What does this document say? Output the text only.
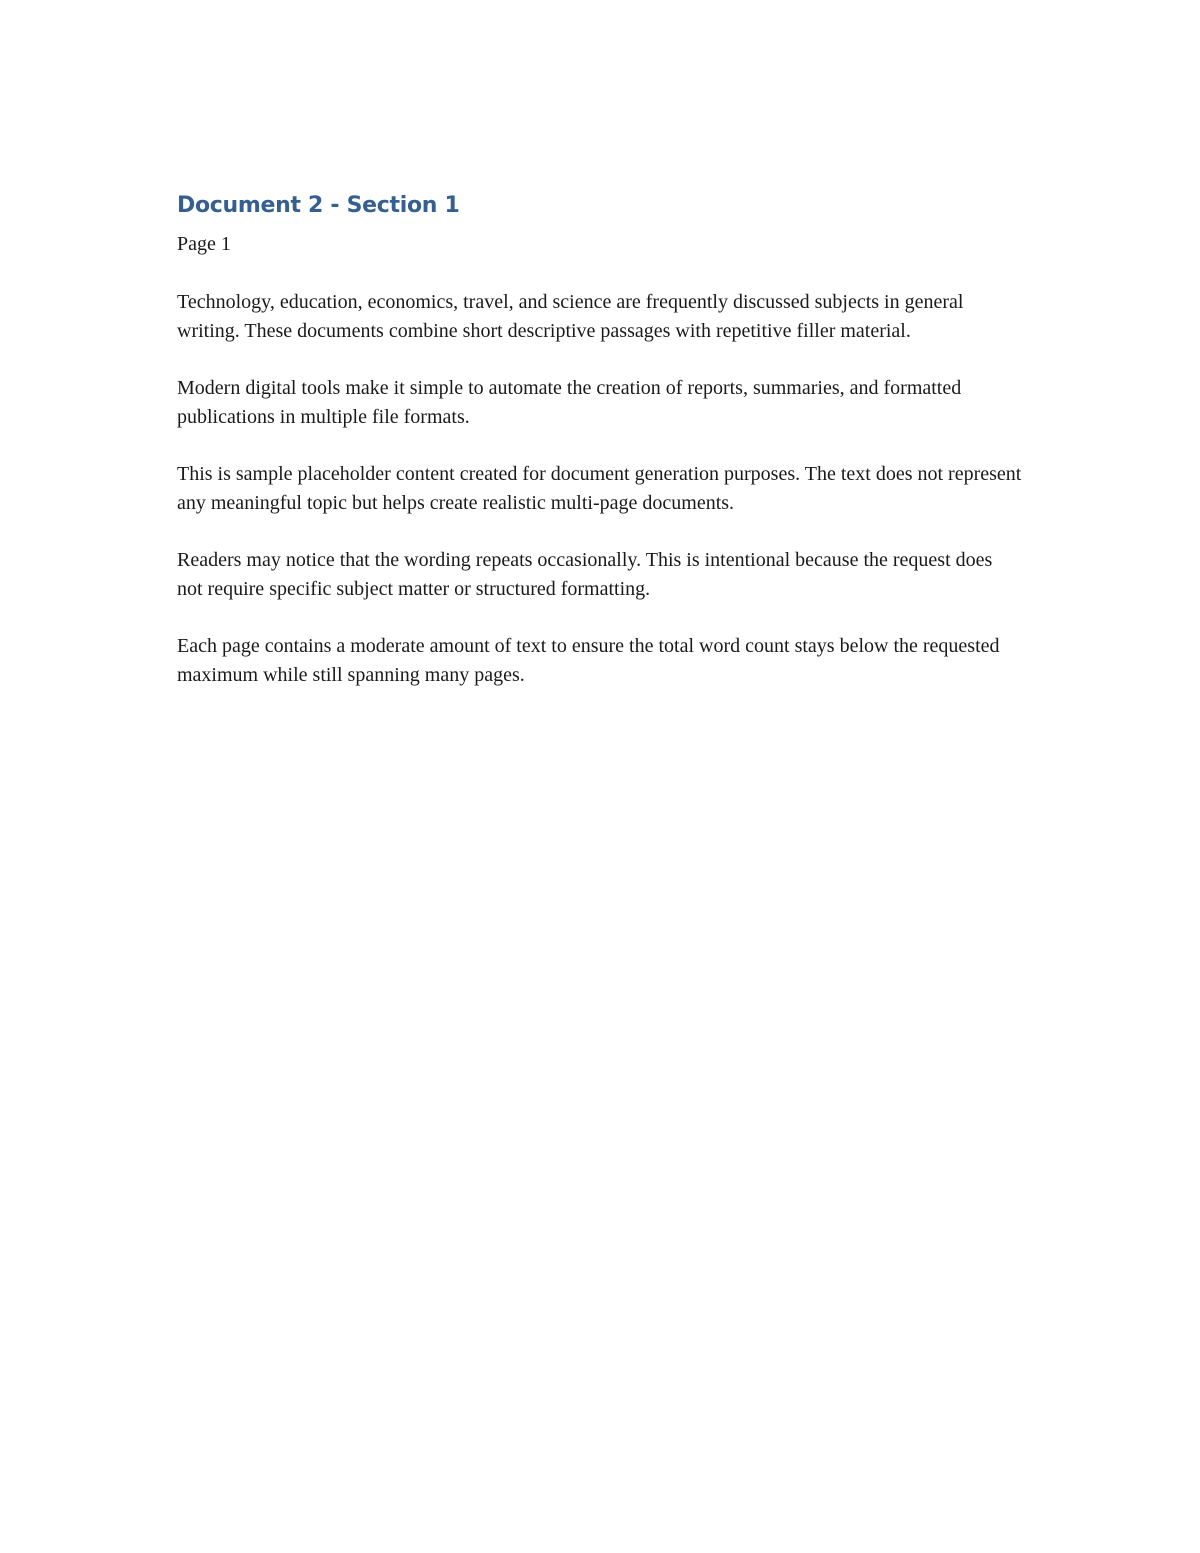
Document 2 - Section 1

Page 1

Technology, education, economics, travel, and science are frequently discussed subjects in general writing. These documents combine short descriptive passages with repetitive filler material.

Modern digital tools make it simple to automate the creation of reports, summaries, and formatted publications in multiple file formats.

This is sample placeholder content created for document generation purposes. The text does not represent any meaningful topic but helps create realistic multi-page documents.

Readers may notice that the wording repeats occasionally. This is intentional because the request does not require specific subject matter or structured formatting.

Each page contains a moderate amount of text to ensure the total word count stays below the requested maximum while still spanning many pages.
